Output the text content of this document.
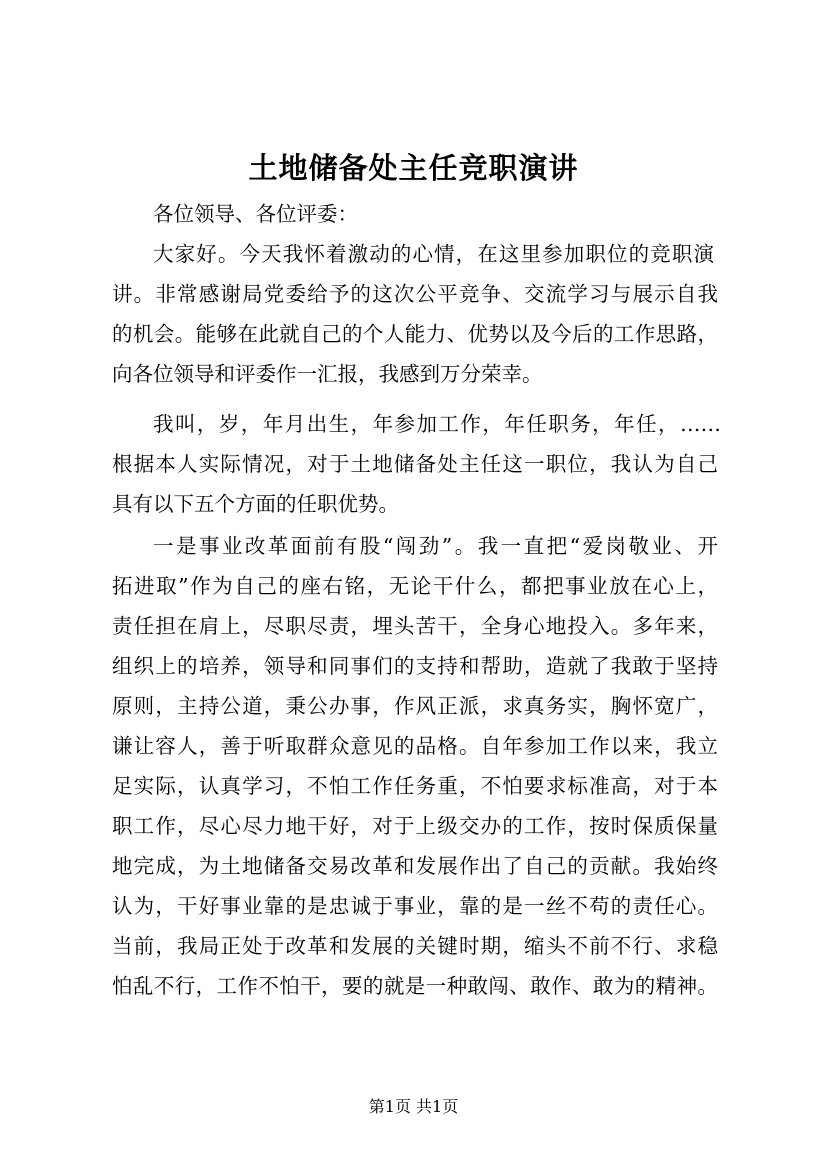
土地储备处主任竞职演讲
各位领导、各位评委：
大家好。今天我怀着激动的心情，在这里参加职位的竞职演
讲。非常感谢局党委给予的这次公平竞争、交流学习与展示自我
的机会。能够在此就自己的个人能力、优势以及今后的工作思路，
向各位领导和评委作一汇报，我感到万分荣幸。
我叫，岁，年月出生，年参加工作，年任职务，年任，……
根据本人实际情况，对于土地储备处主任这一职位，我认为自己
具有以下五个方面的任职优势。
一是事业改革面前有股“闯劲”。我一直把“爱岗敬业、开
拓进取”作为自己的座右铭，无论干什么，都把事业放在心上，
责任担在肩上，尽职尽责，埋头苦干，全身心地投入。多年来，
组织上的培养，领导和同事们的支持和帮助，造就了我敢于坚持
原则，主持公道，秉公办事，作风正派，求真务实，胸怀宽广，
谦让容人，善于听取群众意见的品格。自年参加工作以来，我立
足实际，认真学习，不怕工作任务重，不怕要求标准高，对于本
职工作，尽心尽力地干好，对于上级交办的工作，按时保质保量
地完成，为土地储备交易改革和发展作出了自己的贡献。我始终
认为，干好事业靠的是忠诚于事业，靠的是一丝不苟的责任心。
当前，我局正处于改革和发展的关键时期，缩头不前不行、求稳
怕乱不行，工作不怕干，要的就是一种敢闯、敢作、敢为的精神。
第1页 共1页
